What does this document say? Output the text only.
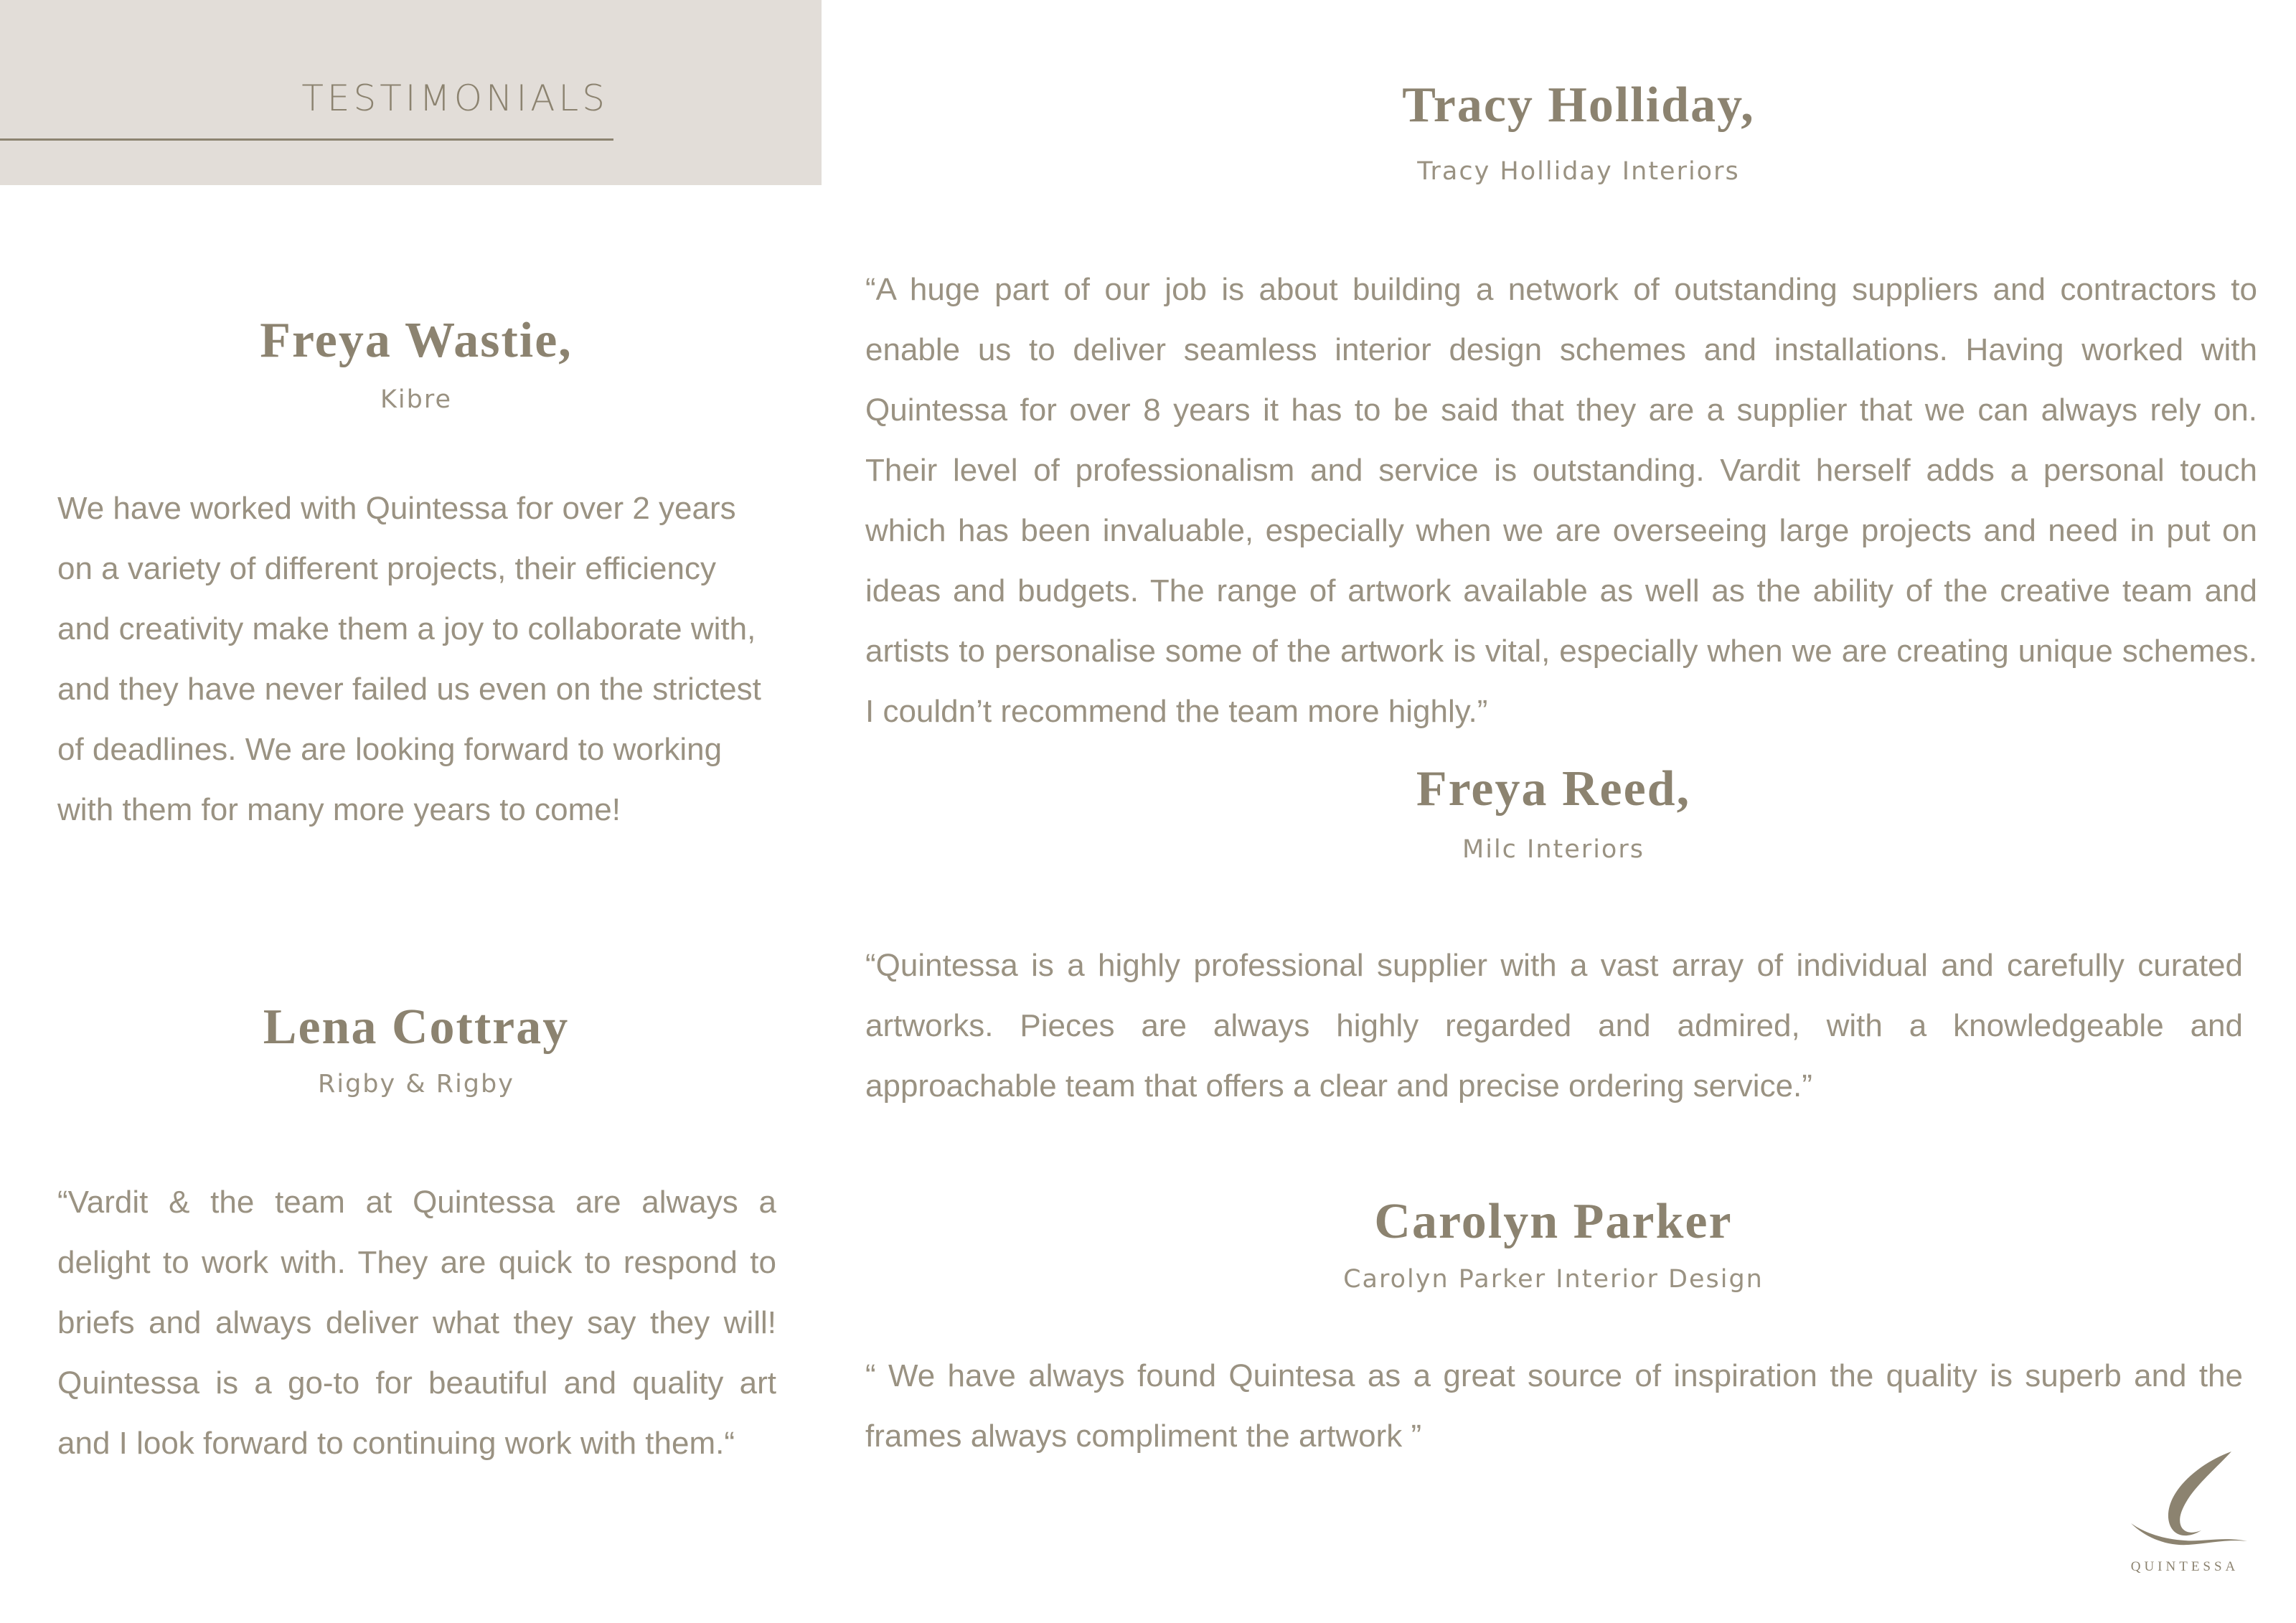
TESTIMONIALS
Freya Wastie,
Kibre

We have worked with Quintessa for over 2 years on a variety of different projects, their efficiency and creativity make them a joy to collaborate with, and they have never failed us even on the strictest of deadlines. We are looking forward to working with them for many more years to come!

Lena Cottray
Rigby & Rigby

“Vardit & the team at Quintessa are always a delight to work with. They are quick to respond to briefs and always deliver what they say they will! Quintessa is a go-to for beautiful and quality art and I look forward to continuing work with them.“

Tracy Holliday,
Tracy Holliday Interiors

“A huge part of our job is about building a network of outstanding suppliers and contractors to enable us to deliver seamless interior design schemes and installations. Having worked with Quintessa for over 8 years it has to be said that they are a supplier that we can always rely on. Their level of professionalism and service is outstanding. Vardit herself adds a personal touch which has been invaluable, especially when we are overseeing large projects and need in put on ideas and budgets. The range of artwork available as well as the ability of the creative team and artists to personalise some of the artwork is vital, especially when we are creating unique schemes. I couldn’t recommend the team more highly.”

Freya Reed,
Milc Interiors

“Quintessa is a highly professional supplier with a vast array of individual and carefully curated artworks. Pieces are always highly regarded and admired, with a knowledgeable and approachable team that offers a clear and precise ordering service.”

Carolyn Parker
Carolyn Parker Interior Design

“ We have always found Quintesa as a great source of inspiration the quality is superb and the frames always compliment the artwork ”

QUINTESSA
